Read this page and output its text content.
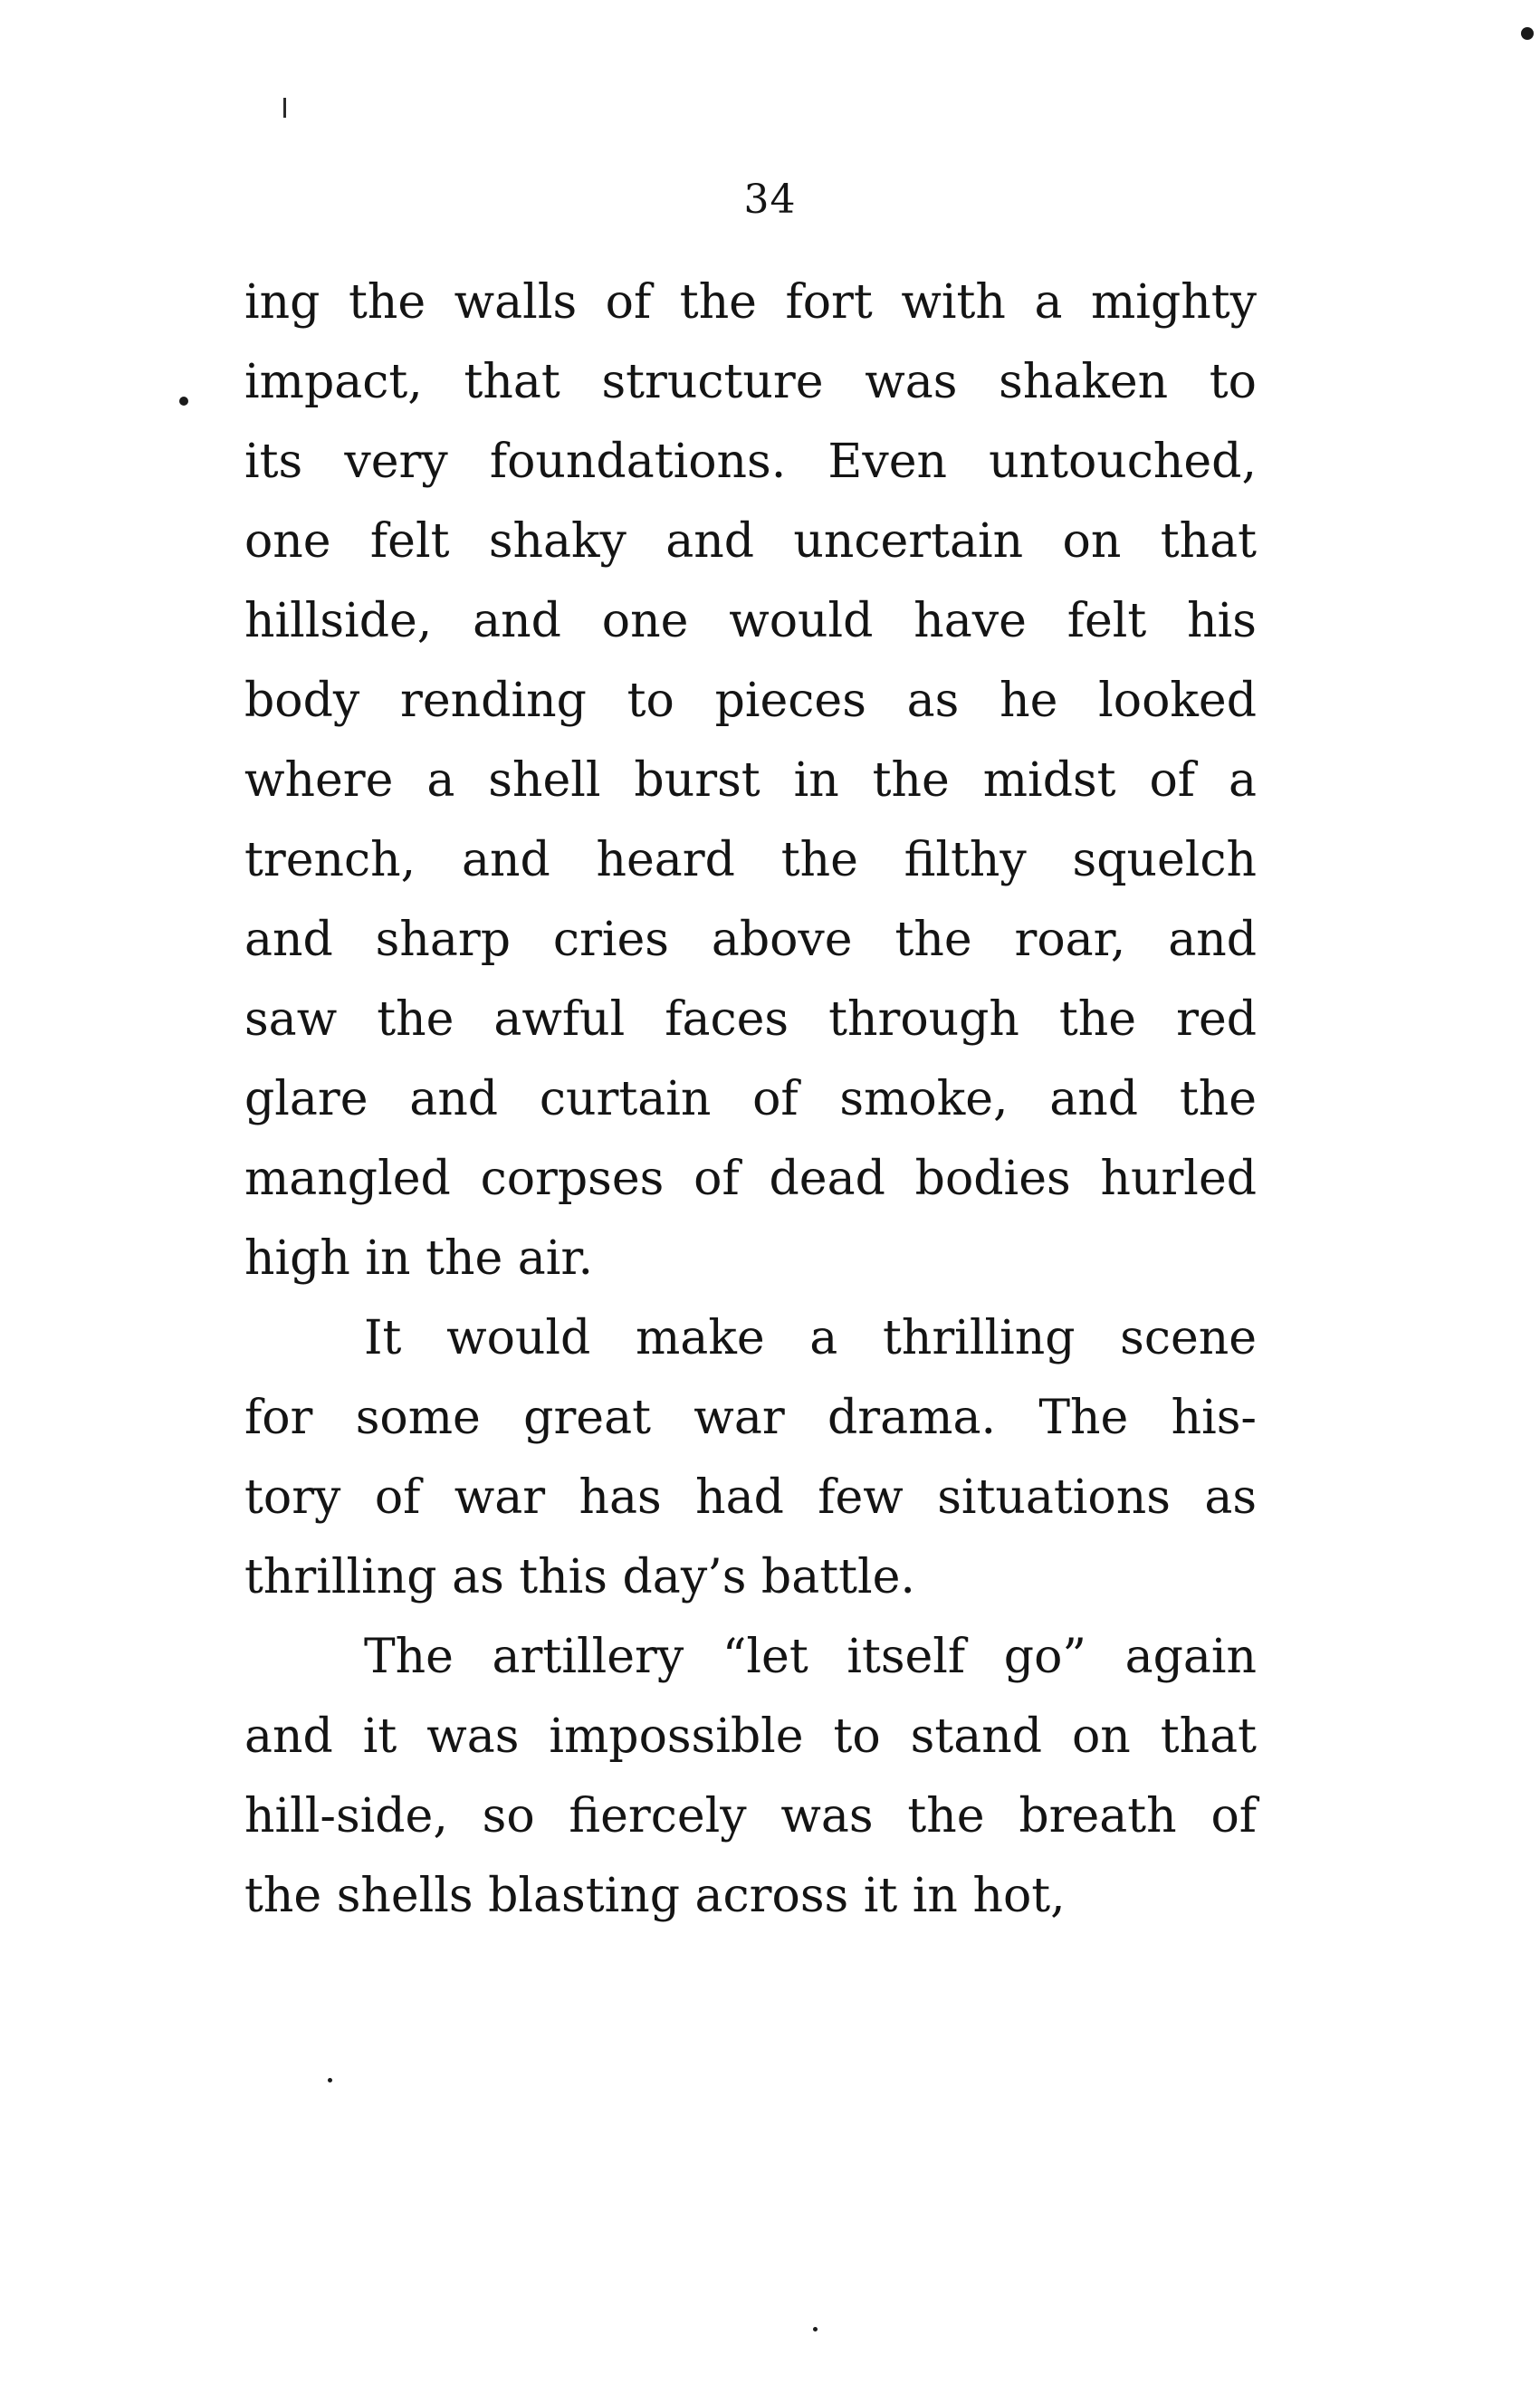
34
ing the walls of the fort with a mighty
impact, that structure was shaken to
its very foundations. Even untouched,
one felt shaky and uncertain on that
hillside, and one would have felt his
body rending to pieces as he looked
where a shell burst in the midst of a
trench, and heard the filthy squelch
and sharp cries above the roar, and
saw the awful faces through the red
glare and curtain of smoke, and the
mangled corpses of dead bodies hurled
high in the air.
It would make a thrilling scene
for some great war drama. The his-
tory of war has had few situations as
thrilling as this day’s battle.
The artillery “let itself go” again
and it was impossible to stand on that
hill-side, so fiercely was the breath of
the shells blasting across it in hot,
